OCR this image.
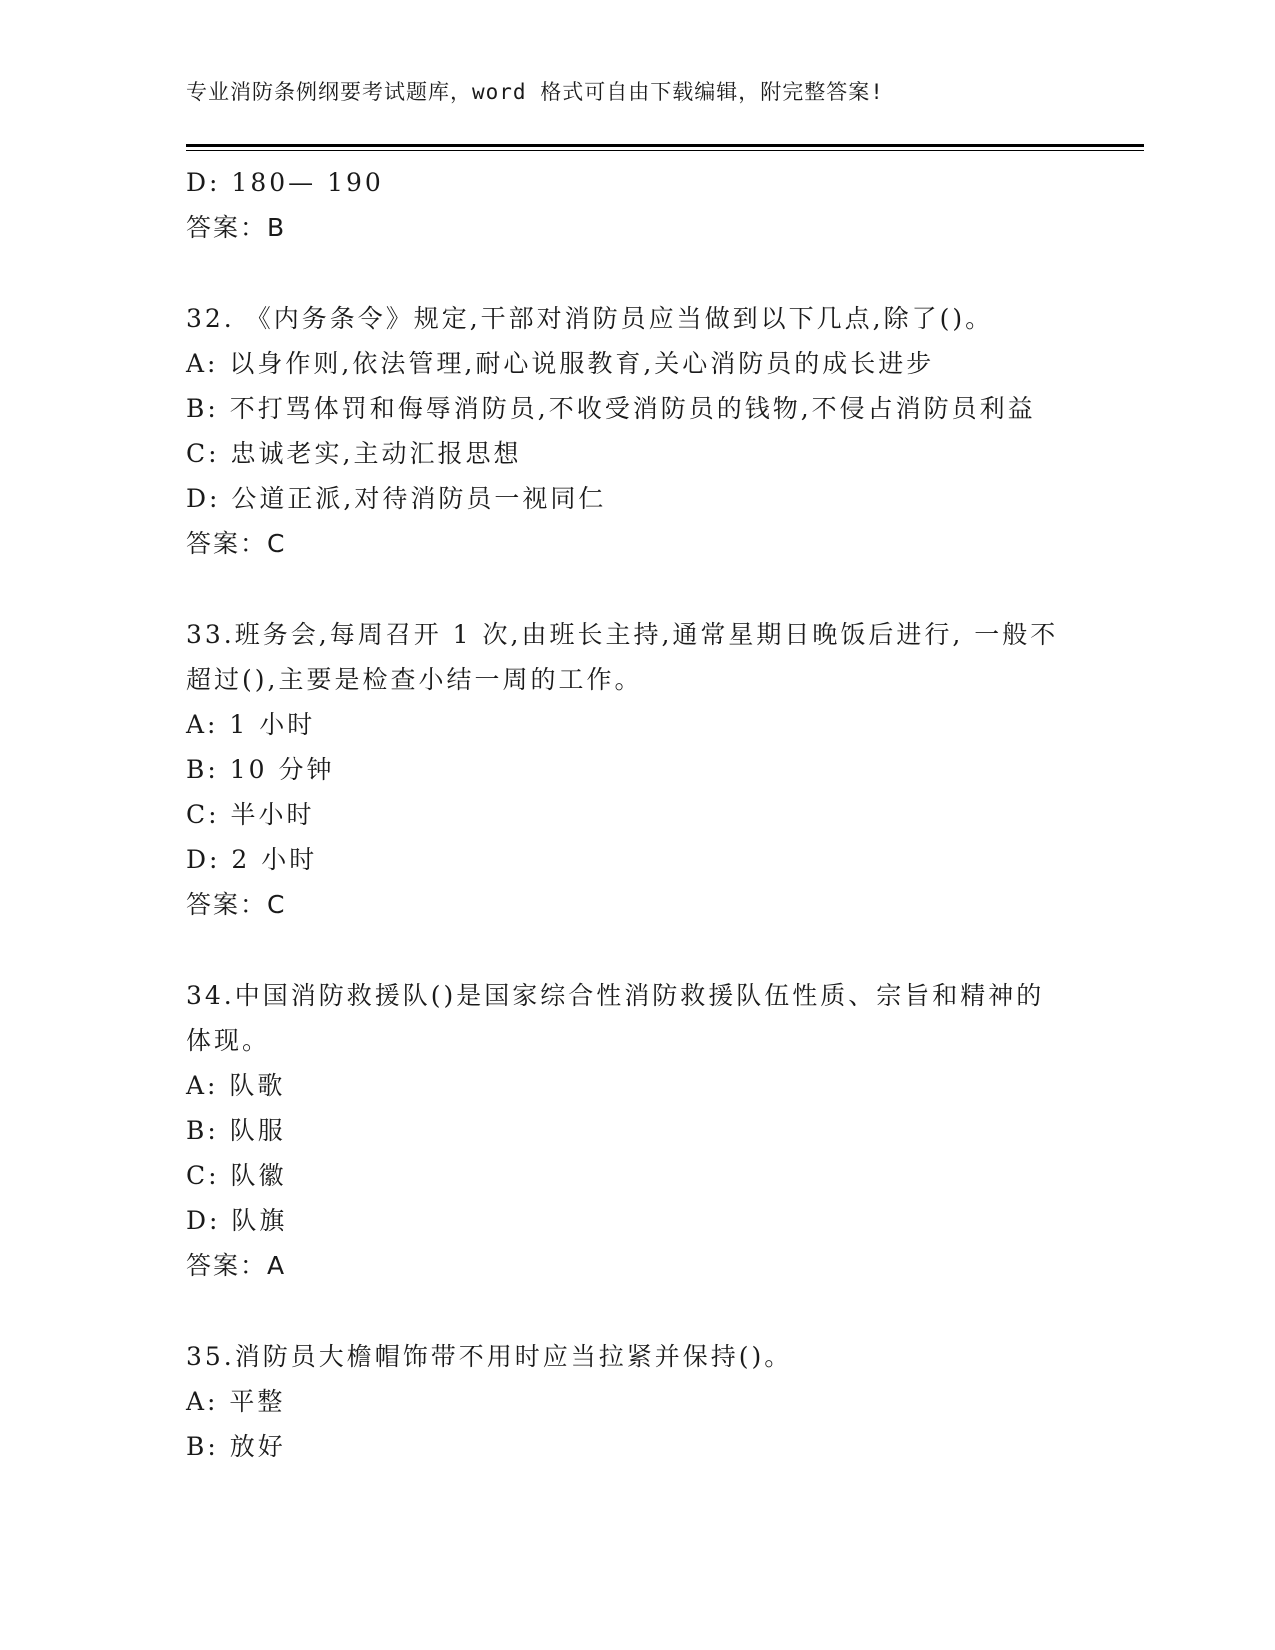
专业消防条例纲要考试题库，word 格式可自由下载编辑，附完整答案!
D: 180— 190
答案：B
32. 《内务条令》规定,干部对消防员应当做到以下几点,除了()。
A: 以身作则,依法管理,耐心说服教育,关心消防员的成长进步
B: 不打骂体罚和侮辱消防员,不收受消防员的钱物,不侵占消防员利益
C: 忠诚老实,主动汇报思想
D: 公道正派,对待消防员一视同仁
答案：C
33.班务会,每周召开 1 次,由班长主持,通常星期日晚饭后进行, 一般不超过(),主要是检查小结一周的工作。
A: 1 小时
B: 10 分钟
C: 半小时
D: 2 小时
答案：C
34.中国消防救援队()是国家综合性消防救援队伍性质、宗旨和精神的体现。
A: 队歌
B: 队服
C: 队徽
D: 队旗
答案：A
35.消防员大檐帽饰带不用时应当拉紧并保持()。
A: 平整
B: 放好
